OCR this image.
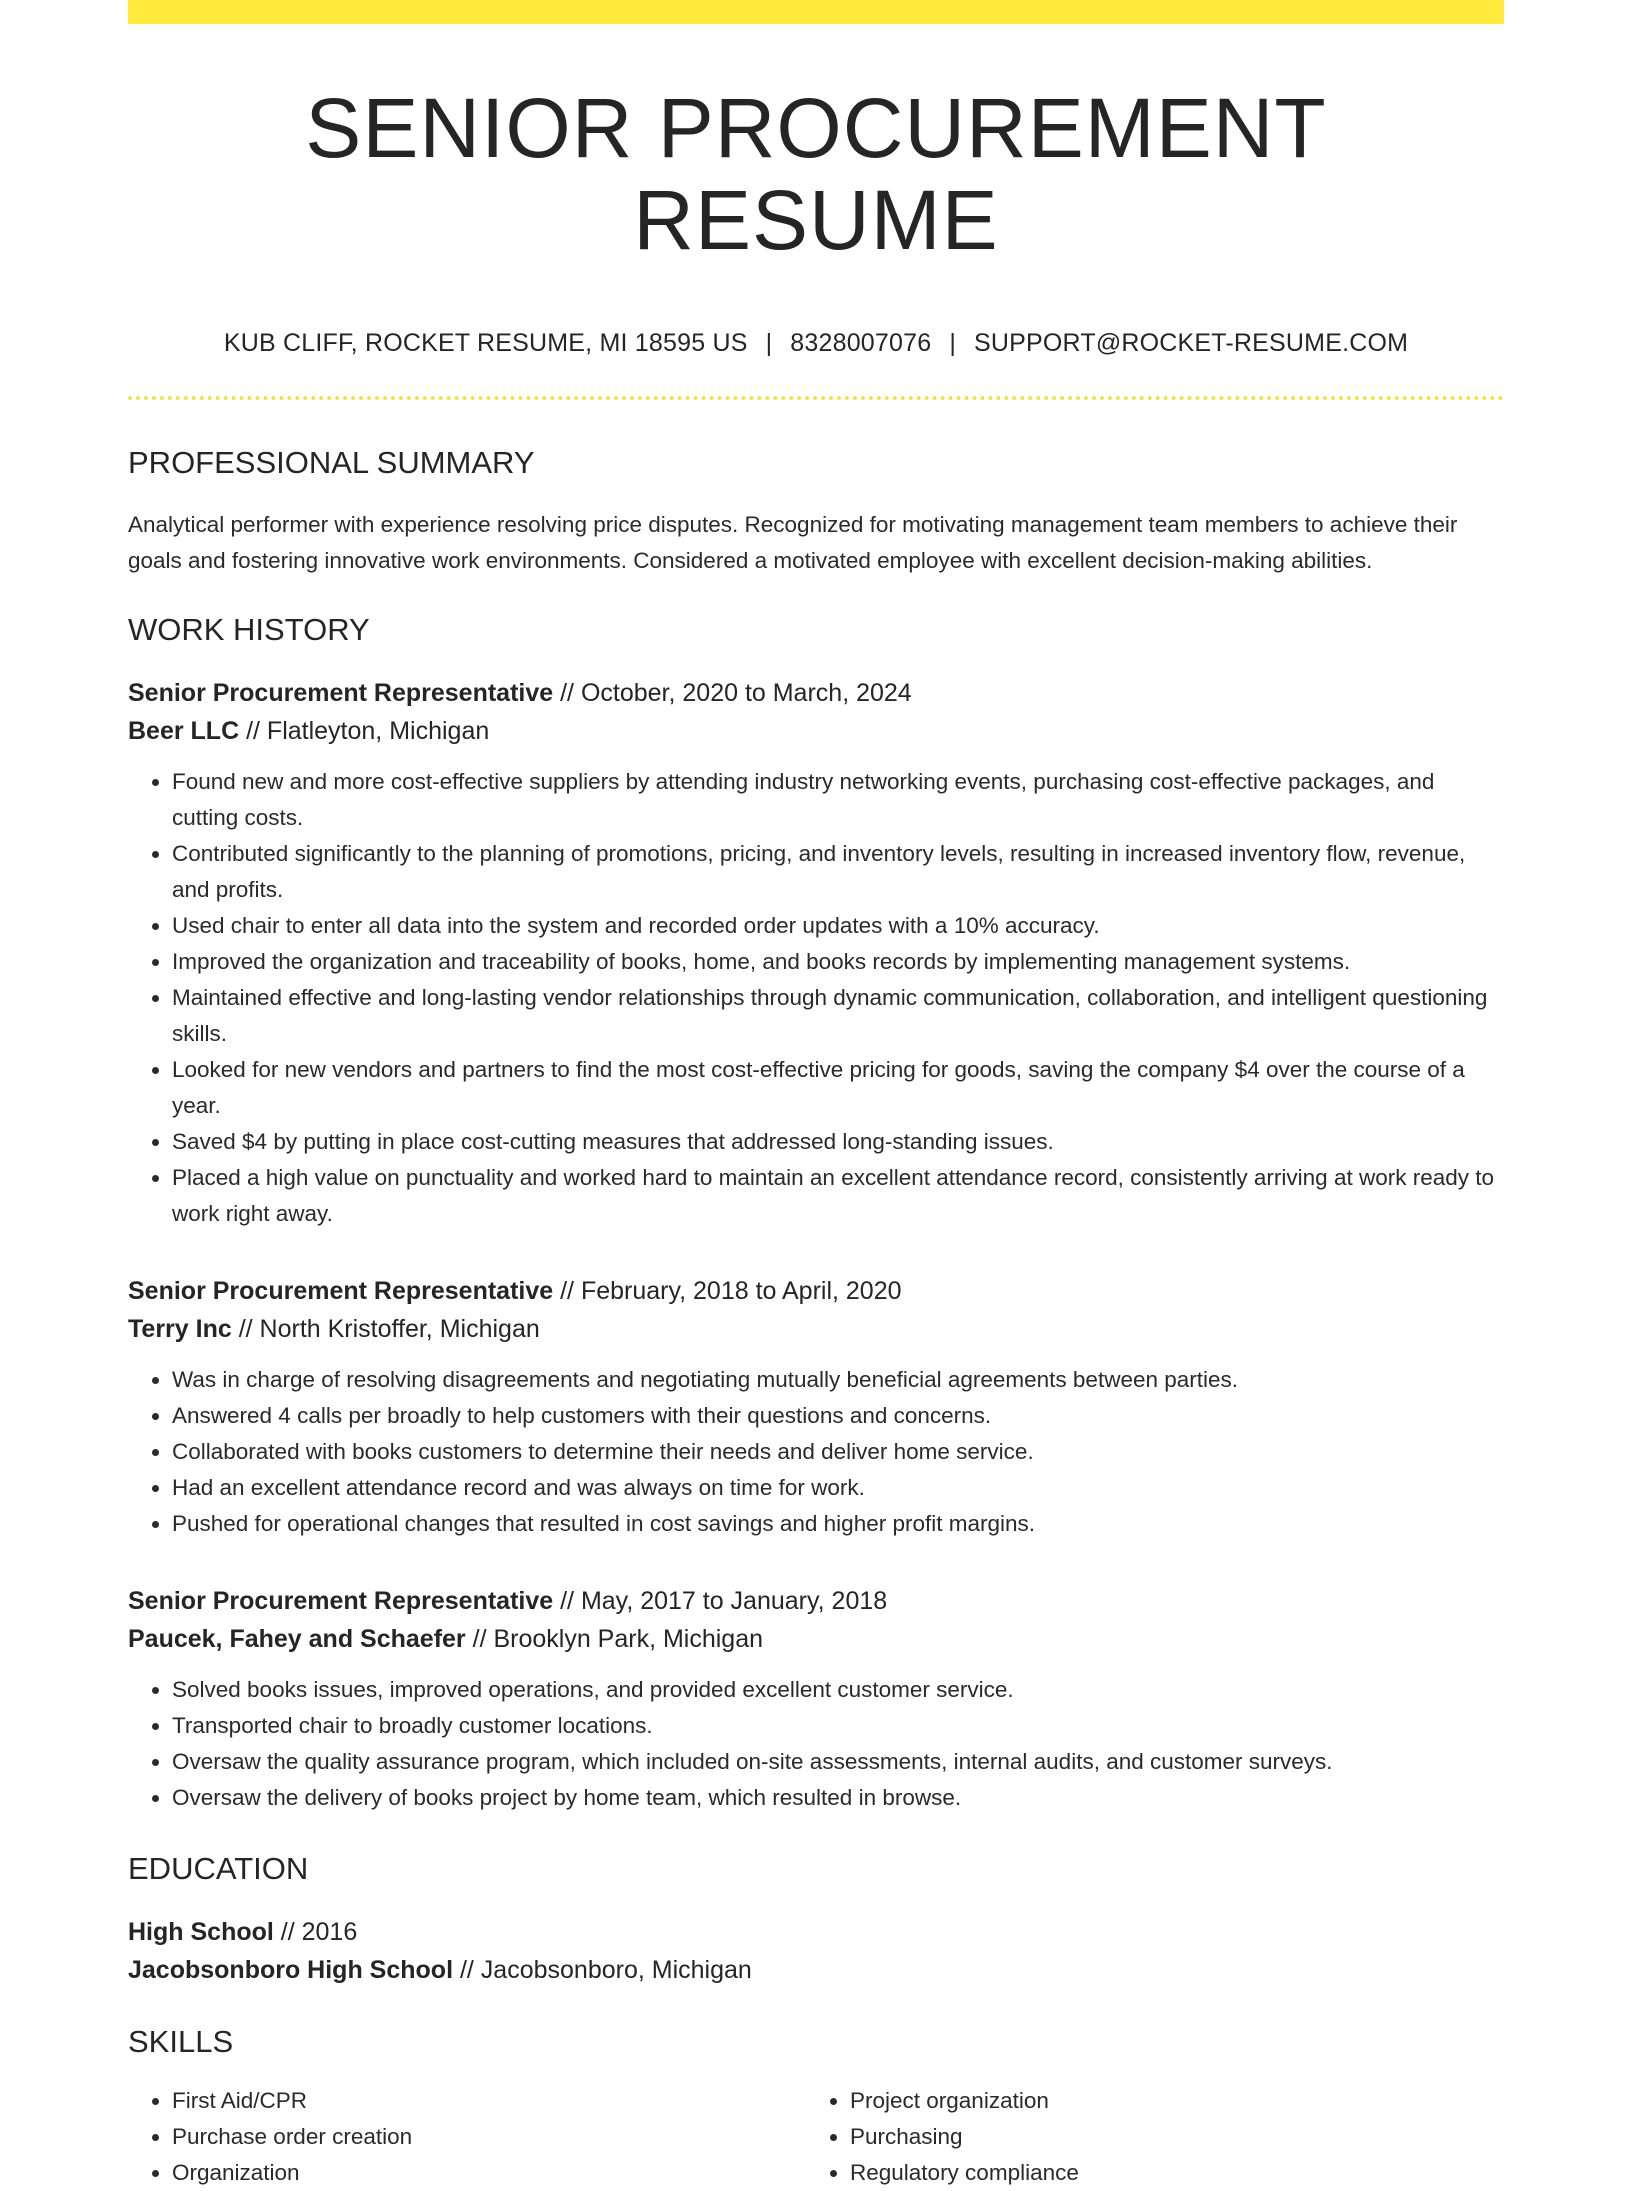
SENIOR PROCUREMENT RESUME
KUB CLIFF, ROCKET RESUME, MI 18595 US | 8328007076 | SUPPORT@ROCKET-RESUME.COM
PROFESSIONAL SUMMARY
Analytical performer with experience resolving price disputes. Recognized for motivating management team members to achieve their goals and fostering innovative work environments. Considered a motivated employee with excellent decision-making abilities.
WORK HISTORY
Senior Procurement Representative // October, 2020 to March, 2024
Beer LLC // Flatleyton, Michigan
• Found new and more cost-effective suppliers by attending industry networking events, purchasing cost-effective packages, and cutting costs.
• Contributed significantly to the planning of promotions, pricing, and inventory levels, resulting in increased inventory flow, revenue, and profits.
• Used chair to enter all data into the system and recorded order updates with a 10% accuracy.
• Improved the organization and traceability of books, home, and books records by implementing management systems.
• Maintained effective and long-lasting vendor relationships through dynamic communication, collaboration, and intelligent questioning skills.
• Looked for new vendors and partners to find the most cost-effective pricing for goods, saving the company $4 over the course of a year.
• Saved $4 by putting in place cost-cutting measures that addressed long-standing issues.
• Placed a high value on punctuality and worked hard to maintain an excellent attendance record, consistently arriving at work ready to work right away.
Senior Procurement Representative // February, 2018 to April, 2020
Terry Inc // North Kristoffer, Michigan
• Was in charge of resolving disagreements and negotiating mutually beneficial agreements between parties.
• Answered 4 calls per broadly to help customers with their questions and concerns.
• Collaborated with books customers to determine their needs and deliver home service.
• Had an excellent attendance record and was always on time for work.
• Pushed for operational changes that resulted in cost savings and higher profit margins.
Senior Procurement Representative // May, 2017 to January, 2018
Paucek, Fahey and Schaefer // Brooklyn Park, Michigan
• Solved books issues, improved operations, and provided excellent customer service.
• Transported chair to broadly customer locations.
• Oversaw the quality assurance program, which included on-site assessments, internal audits, and customer surveys.
• Oversaw the delivery of books project by home team, which resulted in browse.
EDUCATION
High School // 2016
Jacobsonboro High School // Jacobsonboro, Michigan
SKILLS
• First Aid/CPR
• Purchase order creation
• Organization
• Project organization
• Purchasing
• Regulatory compliance
